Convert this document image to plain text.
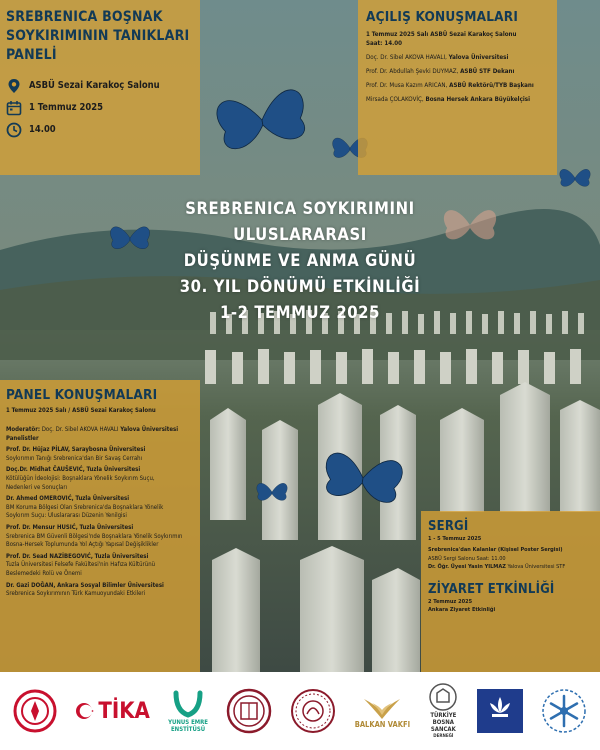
SREBRENICA BOŞNAK
SOYKIRIMININ TANIKLARI
PANELİ
ASBÜ Sezai Karakoç Salonu
1 Temmuz 2025
14.00
AÇILIŞ KONUŞMALARI
1 Temmuz 2025 Salı ASBÜ Sezai Karakoç Salonu
Saat: 14.00
Doç. Dr. Sibel AKOVA HAVALI, Yalova Üniversitesi
Prof. Dr. Abdullah Şevki DUYMAZ, ASBÜ STF Dekanı
Prof. Dr. Musa Kazım ARICAN, ASBÜ Rektörü/TYB Başkanı
Mirsada ÇOLAKOVİÇ, Bosna Hersek Ankara Büyükelçisi
SREBRENICA SOYKIRIMINI
ULUSLARARASI
DÜŞÜNME VE ANMA GÜNÜ
30. YIL DÖNÜMÜ ETKİNLİĞİ
1-2 TEMMUZ 2025
PANEL KONUŞMALARI
1 Temmuz 2025 Salı / ASBÜ Sezai Karakoç Salonu
Moderatör: Doç. Dr. Sibel AKOVA HAVALI Yalova Üniversitesi
Panelistler
Prof. Dr. Hüjaz PİLAV, Saraybosna Üniversitesi
Soykırımın Tanığı Srebrenica'dan Bir Savaş Cerrahı
Doç.Dr. Midhat ČAUŠEVIĆ, Tuzla Üniversitesi
Kötülüğün İdeolojisi: Boşnaklara Yönelik Soykırım Suçu,
Nedenleri ve Sonuçları
Dr. Ahmed OMEROVIĆ, Tuzla Üniversitesi
BM Koruma Bölgesi Olan Srebrenica'da Boşnaklara Yönelik
Soykırım Suçu: Uluslararası Düzenin Yenilgisi
Prof. Dr. Mensur HUSIĆ, Tuzla Üniversitesi
Srebrenica BM Güvenli Bölgesi'nde Boşnaklara Yönelik Soykırımın
Bosna-Hersek Toplumunda Yol Açtığı Yapısal Değişiklikler
Prof. Dr. Sead NAZİBEGOVIĆ, Tuzla Üniversitesi
Tuzla Üniversitesi Felsefe Fakültesi'nin Hafıza Kültürünü
Beslemedeki Rolü ve Önemi
Dr. Gazi DOĞAN, Ankara Sosyal Bilimler Üniversitesi
Srebrenica Soykırımının Türk Kamuoyundaki Etkileri
SERGİ
1 - 5 Temmuz 2025
Srebrenica'dan Kalanlar (Kişisel Poster Sergisi)
ASBÜ Sergi Salonu Saat: 11.00
Dr. Öğr. Üyesi Yasin YILMAZ Yalova Üniversitesi STF
ZİYARET ETKİNLİĞİ
2 Temmuz 2025
Ankara Ziyaret Etkinliği
TİKA	YUNUS EMRE
ENSTİTÜSÜ
BALKAN VAKFI
TÜRKİYE
BOSNA
SANCAK
DERNEĞİ
